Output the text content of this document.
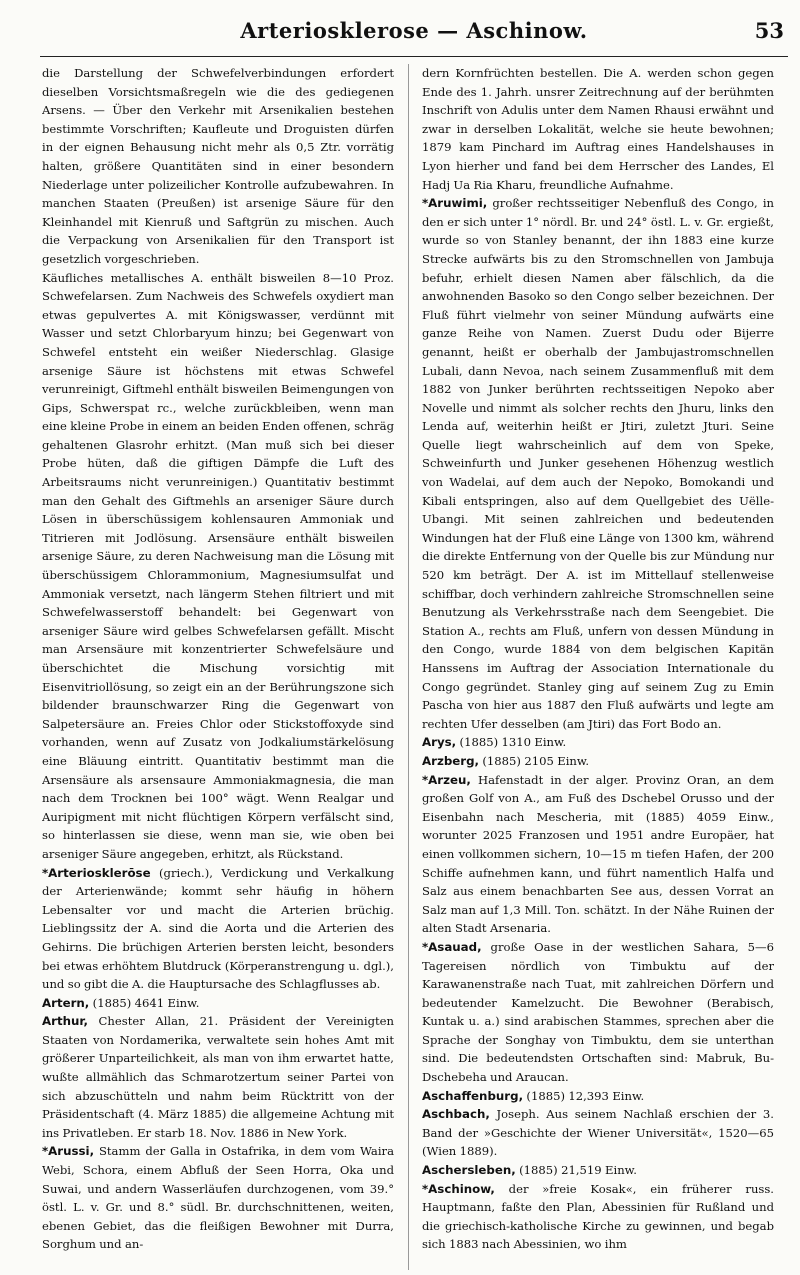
Arteriosklerose — Aschinow.	53

die Darstellung der Schwefelverbindungen erfordert dieselben Vorsichtsmaßregeln wie die des gediegenen Arsens. — Über den Verkehr mit Arsenikalien bestehen bestimmte Vorschriften; Kaufleute und Droguisten dürfen in der eignen Behausung nicht mehr als 0,5 Ztr. vorrätig halten, größere Quantitäten sind in einer besondern Niederlage unter polizeilicher Kontrolle aufzubewahren. In manchen Staaten (Preußen) ist arsenige Säure für den Kleinhandel mit Kienruß und Saftgrün zu mischen. Auch die Verpackung von Arsenikalien für den Transport ist gesetzlich vorgeschrieben.

Käufliches metallisches A. enthält bisweilen 8—10 Proz. Schwefelarsen. Zum Nachweis des Schwefels oxydiert man etwas gepulvertes A. mit Königswasser, verdünnt mit Wasser und setzt Chlorbaryum hinzu; bei Gegenwart von Schwefel entsteht ein weißer Niederschlag. Glasige arsenige Säure ist höchstens mit etwas Schwefel verunreinigt, Giftmehl enthält bisweilen Beimengungen von Gips, Schwerspat rc., welche zurückbleiben, wenn man eine kleine Probe in einem an beiden Enden offenen, schräg gehaltenen Glasrohr erhitzt. (Man muß sich bei dieser Probe hüten, daß die giftigen Dämpfe die Luft des Arbeitsraums nicht verunreinigen.) Quantitativ bestimmt man den Gehalt des Giftmehls an arseniger Säure durch Lösen in überschüssigem kohlensauren Ammoniak und Titrieren mit Jodlösung. Arsensäure enthält bisweilen arsenige Säure, zu deren Nachweisung man die Lösung mit überschüssigem Chlorammonium, Magnesiumsulfat und Ammoniak versetzt, nach längerm Stehen filtriert und mit Schwefelwasserstoff behandelt: bei Gegenwart von arseniger Säure wird gelbes Schwefelarsen gefällt. Mischt man Arsensäure mit konzentrierter Schwefelsäure und überschichtet die Mischung vorsichtig mit Eisenvitriollösung, so zeigt ein an der Berührungszone sich bildender braunschwarzer Ring die Gegenwart von Salpetersäure an. Freies Chlor oder Stickstoffoxyde sind vorhanden, wenn auf Zusatz von Jodkaliumstärkelösung eine Bläuung eintritt. Quantitativ bestimmt man die Arsensäure als arsensaure Ammoniakmagnesia, die man nach dem Trocknen bei 100° wägt. Wenn Realgar und Auripigment mit nicht flüchtigen Körpern verfälscht sind, so hinterlassen sie diese, wenn man sie, wie oben bei arseniger Säure angegeben, erhitzt, als Rückstand.

*Arteriosklerōse (griech.), Verdickung und Verkalkung der Arterienwände; kommt sehr häufig in höhern Lebensalter vor und macht die Arterien brüchig. Lieblingssitz der A. sind die Aorta und die Arterien des Gehirns. Die brüchigen Arterien bersten leicht, besonders bei etwas erhöhtem Blutdruck (Körperanstrengung u. dgl.), und so gibt die A. die Hauptursache des Schlagflusses ab.

Artern, (1885) 4641 Einw.

Arthur, Chester Allan, 21. Präsident der Vereinigten Staaten von Nordamerika, verwaltete sein hohes Amt mit größerer Unparteilichkeit, als man von ihm erwartet hatte, wußte allmählich das Schmarotzertum seiner Partei von sich abzuschütteln und nahm beim Rücktritt von der Präsidentschaft (4. März 1885) die allgemeine Achtung mit ins Privatleben. Er starb 18. Nov. 1886 in New York.

*Arussi, Stamm der Galla in Ostafrika, in dem vom Waira Webi, Schora, einem Abfluß der Seen Horra, Oka und Suwai, und andern Wasserläufen durchzogenen, vom 39.° östl. L. v. Gr. und 8.° südl. Br. durchschnittenen, weiten, ebenen Gebiet, das die fleißigen Bewohner mit Durra, Sorghum und an-

dern Kornfrüchten bestellen. Die A. werden schon gegen Ende des 1. Jahrh. unsrer Zeitrechnung auf der berühmten Inschrift von Adulis unter dem Namen Rhausi erwähnt und zwar in derselben Lokalität, welche sie heute bewohnen; 1879 kam Pinchard im Auftrag eines Handelshauses in Lyon hierher und fand bei dem Herrscher des Landes, El Hadj Ua Ria Kharu, freundliche Aufnahme.

*Aruwimi, großer rechtsseitiger Nebenfluß des Congo, in den er sich unter 1° nördl. Br. und 24° östl. L. v. Gr. ergießt, wurde so von Stanley benannt, der ihn 1883 eine kurze Strecke aufwärts bis zu den Stromschnellen von Jambuja befuhr, erhielt diesen Namen aber fälschlich, da die anwohnenden Basoko so den Congo selber bezeichnen. Der Fluß führt vielmehr von seiner Mündung aufwärts eine ganze Reihe von Namen. Zuerst Dudu oder Bijerre genannt, heißt er oberhalb der Jambujastromschnellen Lubali, dann Nevoa, nach seinem Zusammenfluß mit dem 1882 von Junker berührten rechtsseitigen Nepoko aber Novelle und nimmt als solcher rechts den Jhuru, links den Lenda auf, weiterhin heißt er Jtiri, zuletzt Jturi. Seine Quelle liegt wahrscheinlich auf dem von Speke, Schweinfurth und Junker gesehenen Höhenzug westlich von Wadelai, auf dem auch der Nepoko, Bomokandi und Kibali entspringen, also auf dem Quellgebiet des Uëlle-Ubangi. Mit seinen zahlreichen und bedeutenden Windungen hat der Fluß eine Länge von 1300 km, während die direkte Entfernung von der Quelle bis zur Mündung nur 520 km beträgt. Der A. ist im Mittellauf stellenweise schiffbar, doch verhindern zahlreiche Stromschnellen seine Benutzung als Verkehrsstraße nach dem Seengebiet. Die Station A., rechts am Fluß, unfern von dessen Mündung in den Congo, wurde 1884 von dem belgischen Kapitän Hanssens im Auftrag der Association Internationale du Congo gegründet. Stanley ging auf seinem Zug zu Emin Pascha von hier aus 1887 den Fluß aufwärts und legte am rechten Ufer desselben (am Jtiri) das Fort Bodo an.

Arys, (1885) 1310 Einw.

Arzberg, (1885) 2105 Einw.

*Arzeu, Hafenstadt in der alger. Provinz Oran, an dem großen Golf von A., am Fuß des Dschebel Orusso und der Eisenbahn nach Mescheria, mit (1885) 4059 Einw., worunter 2025 Franzosen und 1951 andre Europäer, hat einen vollkommen sichern, 10—15 m tiefen Hafen, der 200 Schiffe aufnehmen kann, und führt namentlich Halfa und Salz aus einem benachbarten See aus, dessen Vorrat an Salz man auf 1,3 Mill. Ton. schätzt. In der Nähe Ruinen der alten Stadt Arsenaria.

*Asauad, große Oase in der westlichen Sahara, 5—6 Tagereisen nördlich von Timbuktu auf der Karawanenstraße nach Tuat, mit zahlreichen Dörfern und bedeutender Kamelzucht. Die Bewohner (Berabisch, Kuntak u. a.) sind arabischen Stammes, sprechen aber die Sprache der Songhay von Timbuktu, dem sie unterthan sind. Die bedeutendsten Ortschaften sind: Mabruk, Bu-Dschebeha und Araucan.

Aschaffenburg, (1885) 12,393 Einw.

Aschbach, Joseph. Aus seinem Nachlaß erschien der 3. Band der »Geschichte der Wiener Universität«, 1520—65 (Wien 1889).

Aschersleben, (1885) 21,519 Einw.

*Aschinow, der »freie Kosak«, ein früherer russ. Hauptmann, faßte den Plan, Abessinien für Rußland und die griechisch-katholische Kirche zu gewinnen, und begab sich 1883 nach Abessinien, wo ihm
